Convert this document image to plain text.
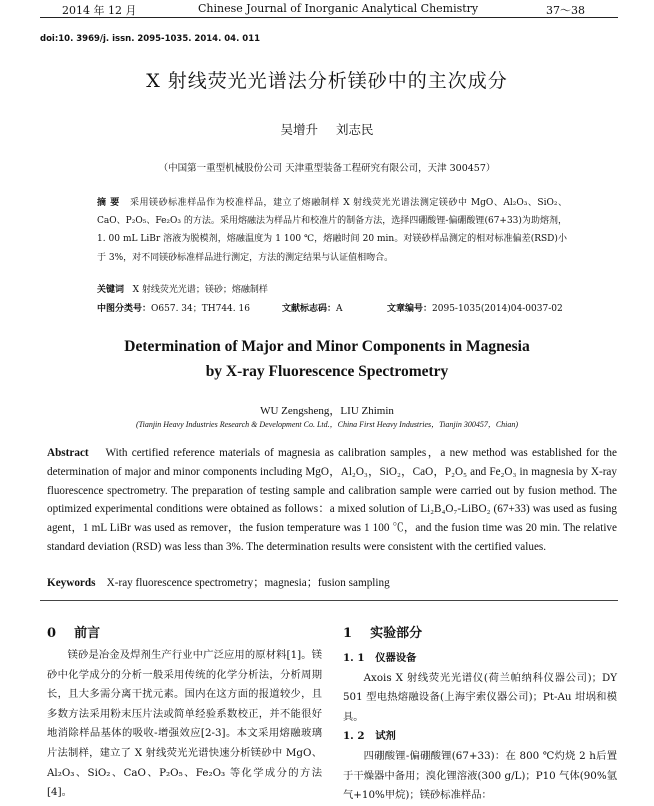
2014 年 12 月	Chinese Journal of Inorganic Analytical Chemistry	37～38
doi:10. 3969/j. issn. 2095-1035. 2014. 04. 011
X 射线荧光光谱法分析镁砂中的主次成分
吴增升 刘志民
（中国第一重型机械股份公司 天津重型装备工程研究有限公司，天津 300457）
摘 要 采用镁砂标准样品作为校准样品，建立了熔融制样 X 射线荧光光谱法测定镁砂中 MgO、Al₂O₃、SiO₂、CaO、P₂O₅、Fe₂O₃ 的方法。采用熔融法为样品片和校准片的制备方法，选择四硼酸锂-偏硼酸锂(67+33)为助熔剂，1. 00 mL LiBr 溶液为脱模剂，熔融温度为 1 100 ℃，熔融时间 20 min。对镁砂样品测定的相对标准偏差(RSD)小于 3%，对不同镁砂标准样品进行测定，方法的测定结果与认证值相吻合。
关键词 X 射线荧光光谱；镁砂；熔融制样
中图分类号：O657. 34；TH744. 16	文献标志码：A	文章编号：2095-1035(2014)04-0037-02
Determination of Major and Minor Components in Magnesia
by X-ray Fluorescence Spectrometry
WU Zengsheng，LIU Zhimin
(Tianjin Heavy Industries Research & Development Co. Ltd.，China First Heavy Industries，Tianjin 300457，Chian)
Abstract With certified reference materials of magnesia as calibration samples，a new method was established for the determination of major and minor components including MgO，Al₂O₃，SiO₂，CaO，P₂O₅ and Fe₂O₃ in magnesia by X-ray fluorescence spectrometry. The preparation of testing sample and calibration sample were carried out by fusion method. The optimized experimental conditions were obtained as follows：a mixed solution of Li₂B₄O₇-LiBO₂ (67+33) was used as fusing agent，1 mL LiBr was used as remover，the fusion temperature was 1 100 ℃，and the fusion time was 20 min. The relative standard deviation (RSD) was less than 3%. The determination results were consistent with the certified values.
Keywords X-ray fluorescence spectrometry；magnesia；fusion sampling
0 前言

镁砂是冶金及焊剂生产行业中广泛应用的原材料[1]。镁砂中化学成分的分析一般采用传统的化学分析法，分析周期长，且大多需分离干扰元素。国内在这方面的报道较少，且多数方法采用粉末压片法或简单经验系数校正，并不能很好地消除样品基体的吸收-增强效应[2-3]。本文采用熔融玻璃片法制样，建立了 X 射线荧光光谱快速分析镁砂中 MgO、Al₂O₃、SiO₂、CaO、P₂O₅、Fe₂O₃ 等化学成分的方法[4]。

1 实验部分

1. 1 仪器设备

Axois X 射线荧光光谱仪(荷兰帕纳科仪器公司)；DY 501 型电热熔融设备(上海宇索仪器公司)；Pt-Au 坩埚和模具。

1. 2 试剂

四硼酸锂-偏硼酸锂(67+33)：在 800 ℃灼烧 2 h后置于干燥器中备用；溴化锂溶液(300 g/L)；P10 气体(90%氩气+10%甲烷)；镁砂标准样品：
